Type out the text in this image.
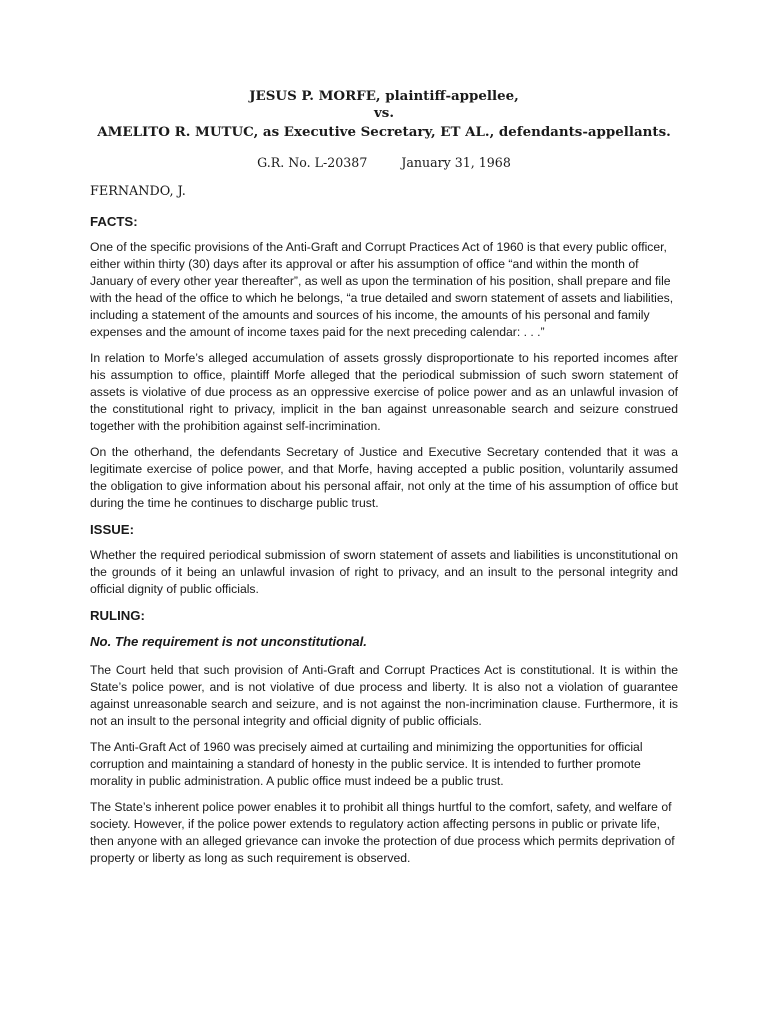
JESUS P. MORFE, plaintiff-appellee,
vs.
AMELITO R. MUTUC, as Executive Secretary, ET AL., defendants-appellants.
G.R. No. L-20387	January 31, 1968
FERNANDO, J.
FACTS:

One of the specific provisions of the Anti-Graft and Corrupt Practices Act of 1960 is that every public officer, either within thirty (30) days after its approval or after his assumption of office “and within the month of January of every other year thereafter”, as well as upon the termination of his position, shall prepare and file with the head of the office to which he belongs, “a true detailed and sworn statement of assets and liabilities, including a statement of the amounts and sources of his income, the amounts of his personal and family expenses and the amount of income taxes paid for the next preceding calendar: . . .”

In relation to Morfe’s alleged accumulation of assets grossly disproportionate to his reported incomes after his assumption to office, plaintiff Morfe alleged that the periodical submission of such sworn statement of assets is violative of due process as an oppressive exercise of police power and as an unlawful invasion of the constitutional right to privacy, implicit in the ban against unreasonable search and seizure construed together with the prohibition against self-incrimination.

On the otherhand, the defendants Secretary of Justice and Executive Secretary contended that it was a legitimate exercise of police power, and that Morfe, having accepted a public position, voluntarily assumed the obligation to give information about his personal affair, not only at the time of his assumption of office but during the time he continues to discharge public trust.

ISSUE:

Whether the required periodical submission of sworn statement of assets and liabilities is unconstitutional on the grounds of it being an unlawful invasion of right to privacy, and an insult to the personal integrity and official dignity of public officials.

RULING:
No. The requirement is not unconstitutional.

The Court held that such provision of Anti-Graft and Corrupt Practices Act is constitutional. It is within the State’s police power, and is not violative of due process and liberty. It is also not a violation of guarantee against unreasonable search and seizure, and is not against the non-incrimination clause. Furthermore, it is not an insult to the personal integrity and official dignity of public officials.

The Anti-Graft Act of 1960 was precisely aimed at curtailing and minimizing the opportunities for official corruption and maintaining a standard of honesty in the public service. It is intended to further promote morality in public administration. A public office must indeed be a public trust.

The State’s inherent police power enables it to prohibit all things hurtful to the comfort, safety, and welfare of society. However, if the police power extends to regulatory action affecting persons in public or private life, then anyone with an alleged grievance can invoke the protection of due process which permits deprivation of property or liberty as long as such requirement is observed.
